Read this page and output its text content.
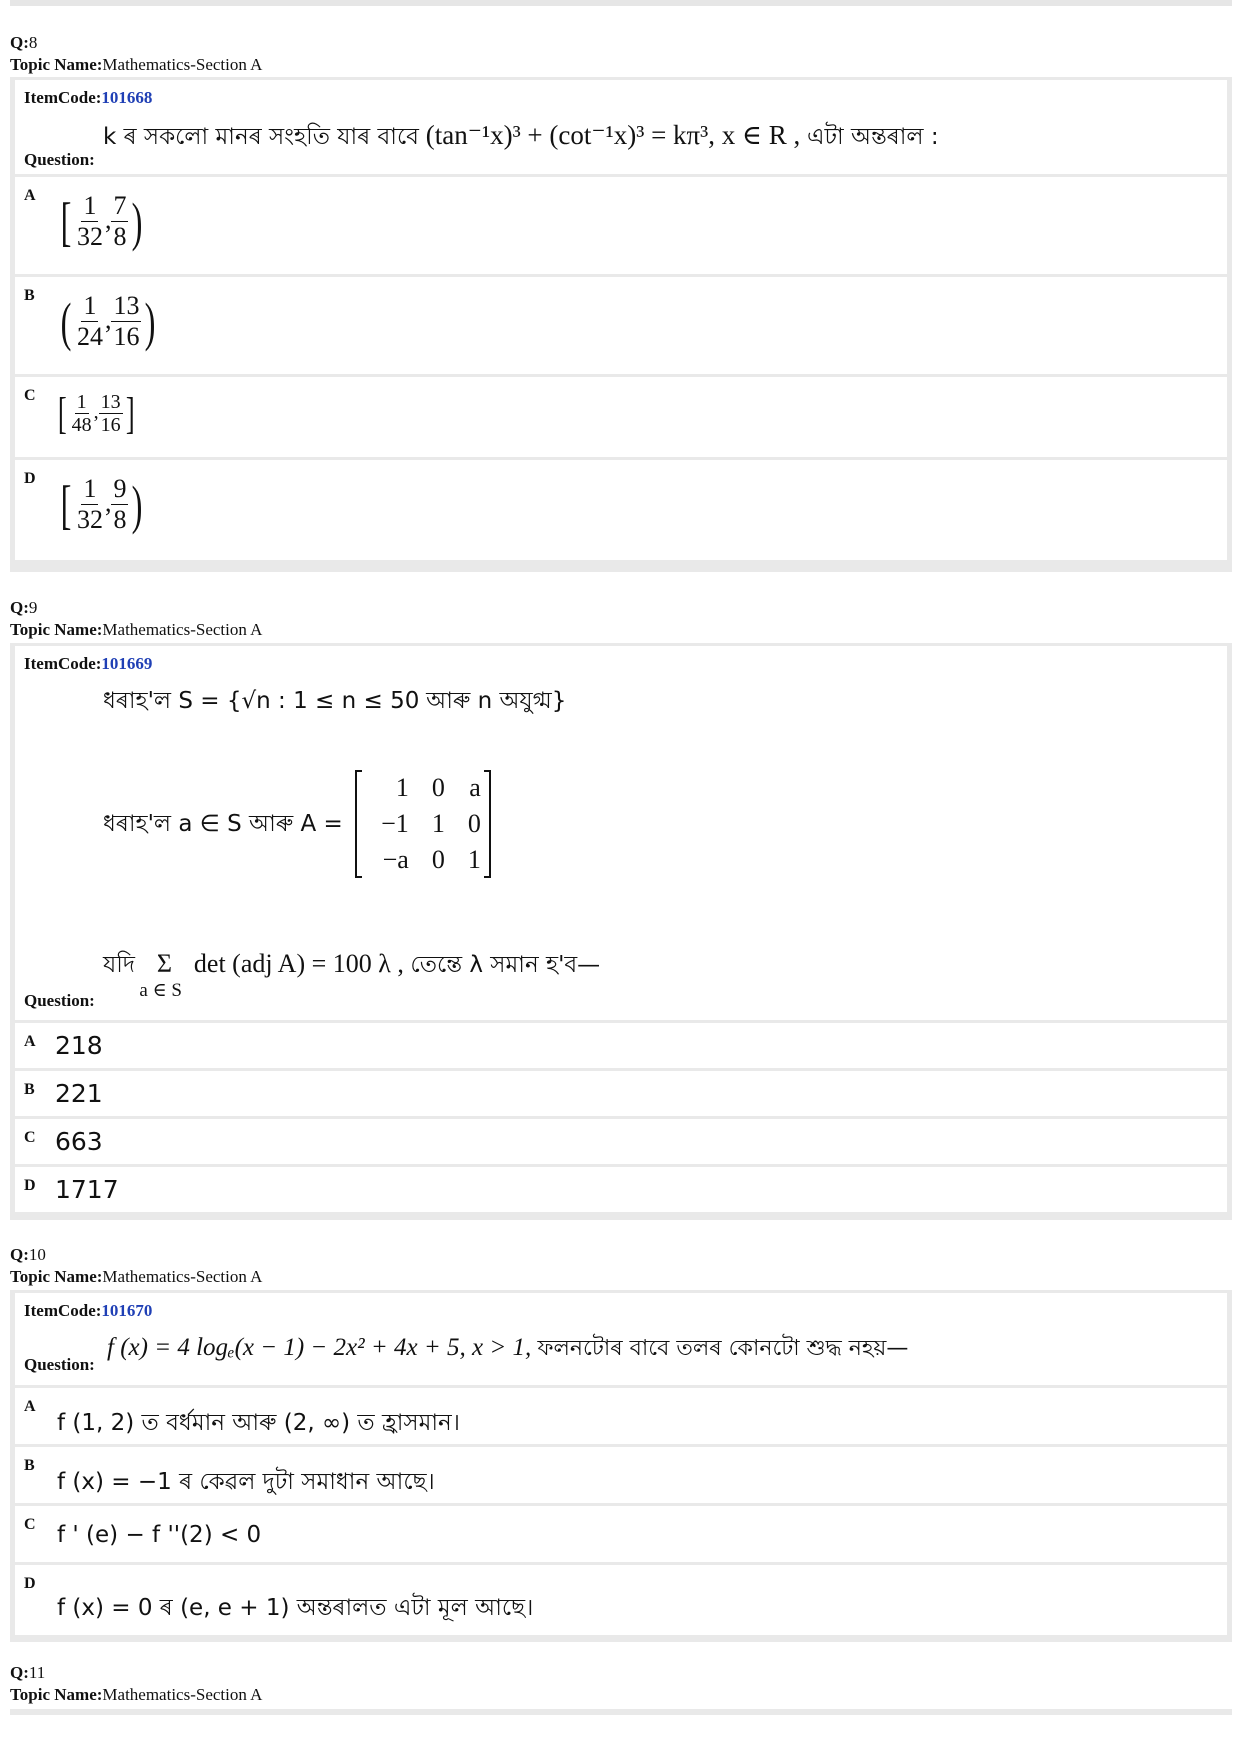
Q:8
Topic Name:Mathematics-Section A
ItemCode:101668
Question:
k ৰ সকলো মানৰ সংহতি যাৰ বাবে (tan⁻¹x)³ + (cot⁻¹x)³ = kπ³, x ∈ R , এটা অন্তৰাল :
A [ $\frac{1}{32}$ , $\frac{7}{8}$ )
B ( $\frac{1}{24}$ , $\frac{13}{16}$ )
C [ $\frac{1}{48}$ , $\frac{13}{16}$ ]
D [ $\frac{1}{32}$ , $\frac{9}{8}$ )
Q:9
Topic Name:Mathematics-Section A
ItemCode:101669
ধৰাহ'ল S = {√n : 1 ≤ n ≤ 50 আৰু n অযুগ্ম}
ধৰাহ'ল a ∈ S আৰু A =
1 0 a
−1 1 0
−a 0 1
যদি Σ
a ∈ S
det (adj A) = 100 λ , তেন্তে λ সমান হ'ব—
Question:
A 218
B 221
C 663
D 1717
Q:10
Topic Name:Mathematics-Section A
ItemCode:101670
Question:
f (x) = 4 logₑ(x − 1) − 2x² + 4x + 5, x > 1, ফলনটোৰ বাবে তলৰ কোনটো শুদ্ধ নহয়—
A
f (1, 2) ত বৰ্ধমান আৰু (2, ∞) ত হ্ৰাসমান।
B
f (x) = −1 ৰ কেৱল দুটা সমাধান আছে।
C f ' (e) − f ''(2) < 0
D
f (x) = 0 ৰ (e, e + 1) অন্তৰালত এটা মূল আছে।
Q:11
Topic Name:Mathematics-Section A
